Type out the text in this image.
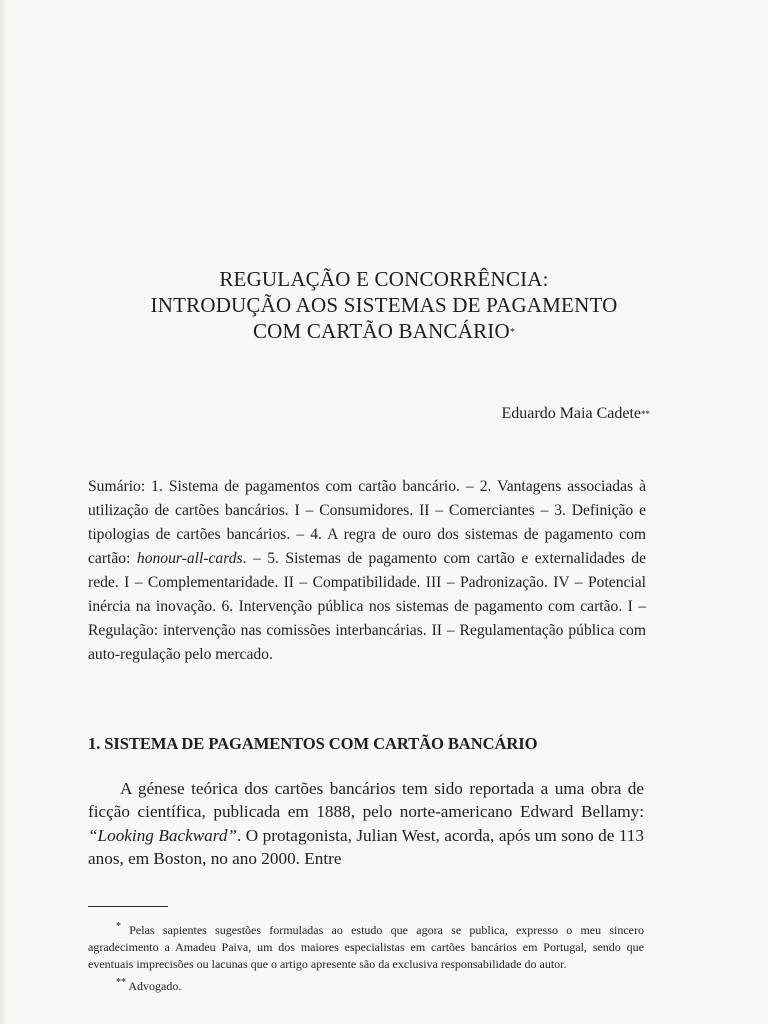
REGULAÇÃO E CONCORRÊNCIA:
INTRODUÇÃO AOS SISTEMAS DE PAGAMENTO
COM CARTÃO BANCÁRIO*
Eduardo Maia Cadete**
Sumário: 1. Sistema de pagamentos com cartão bancário. – 2. Vantagens associadas à utilização de cartões bancários. I – Consumidores. II – Comerciantes – 3. Definição e tipologias de cartões bancários. – 4. A regra de ouro dos sistemas de pagamento com cartão: honour-all-cards. – 5. Sistemas de pagamento com cartão e externalidades de rede. I – Complementaridade. II – Compatibilidade. III – Padronização. IV – Potencial inércia na inovação. 6. Intervenção pública nos sistemas de pagamento com cartão. I – Regulação: intervenção nas comissões interbancárias. II – Regulamentação pública com auto-regulação pelo mercado.
1. SISTEMA DE PAGAMENTOS COM CARTÃO BANCÁRIO
A génese teórica dos cartões bancários tem sido reportada a uma obra de ficção científica, publicada em 1888, pelo norte-americano Edward Bellamy: “Looking Backward”. O protagonista, Julian West, acorda, após um sono de 113 anos, em Boston, no ano 2000. Entre

* Pelas sapientes sugestões formuladas ao estudo que agora se publica, expresso o meu sincero agradecimento a Amadeu Paiva, um dos maiores especialistas em cartões bancários em Portugal, sendo que eventuais imprecisões ou lacunas que o artigo apresente são da exclusiva responsabilidade do autor.

** Advogado.
